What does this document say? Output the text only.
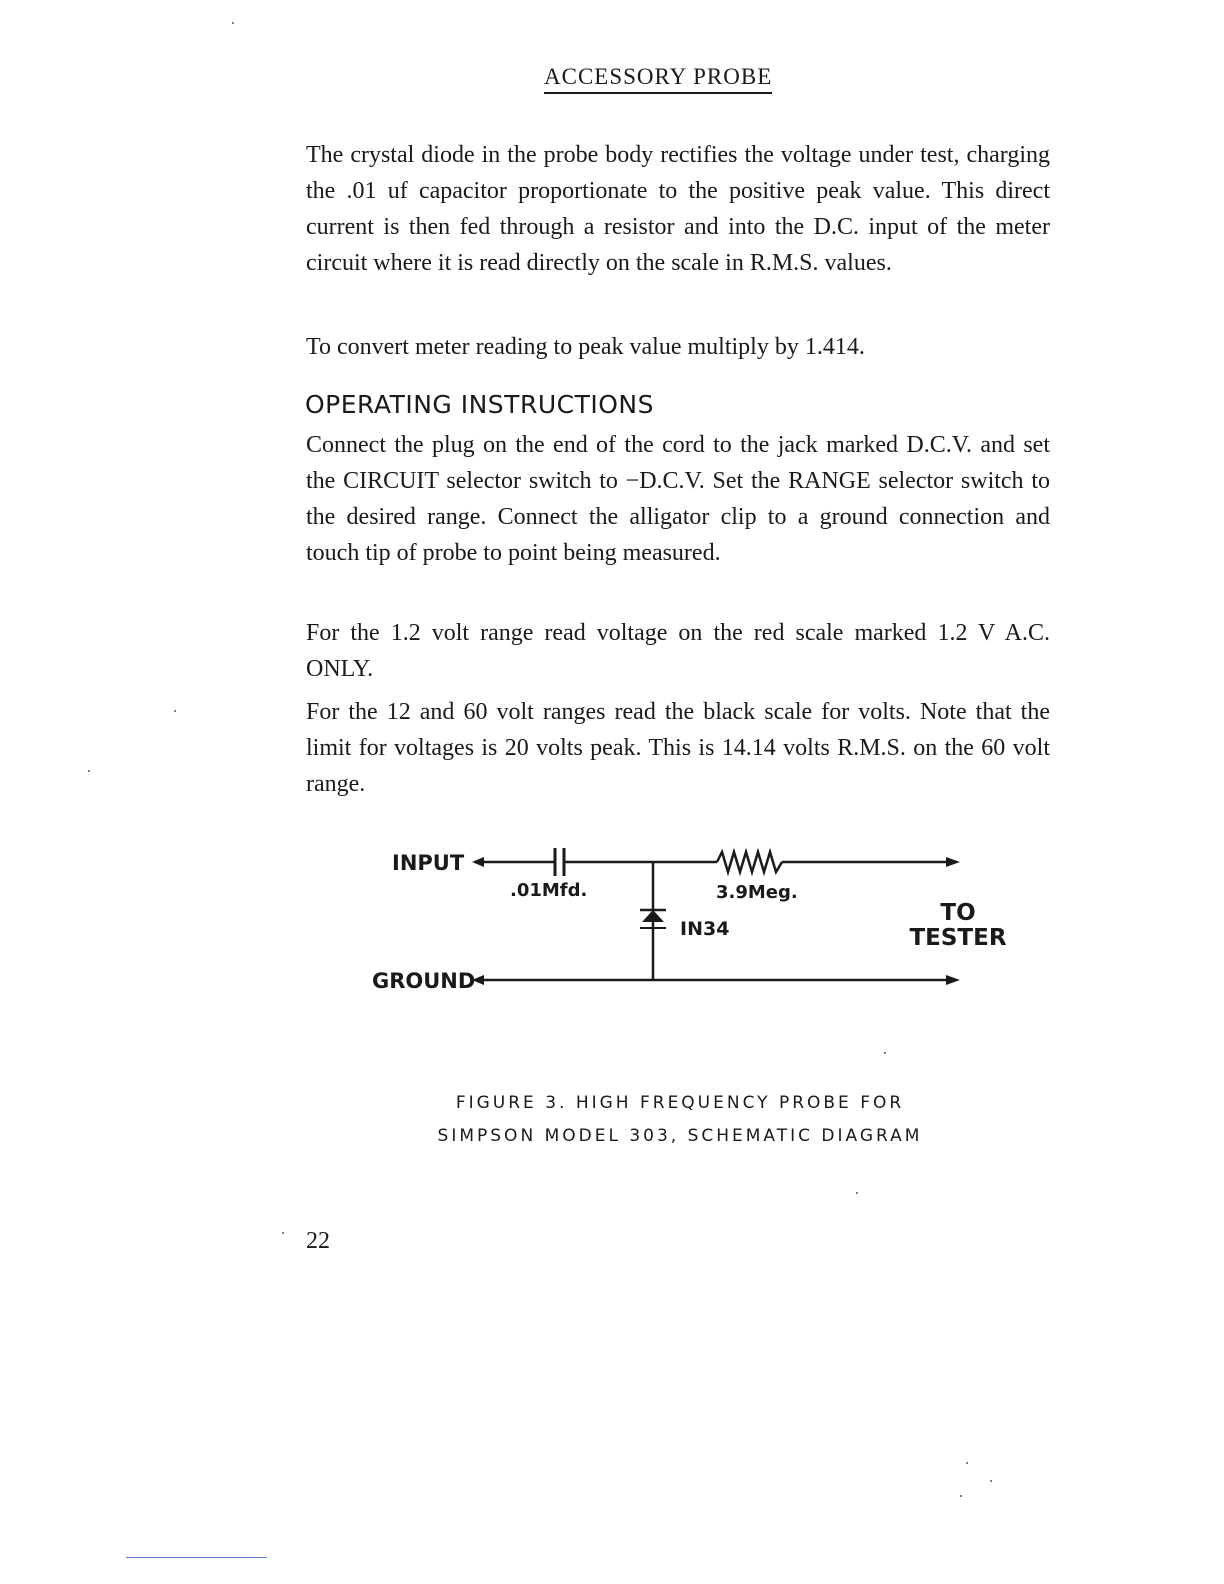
ACCESSORY PROBE

The crystal diode in the probe body rectifies the voltage under test, charging the .01 uf capacitor proportionate to the positive peak value. This direct current is then fed through a resistor and into the D.C. input of the meter circuit where it is read directly on the scale in R.M.S. values.

To convert meter reading to peak value multiply by 1.414.

OPERATING INSTRUCTIONS

Connect the plug on the end of the cord to the jack marked D.C.V. and set the CIRCUIT selector switch to −D.C.V. Set the RANGE selector switch to the desired range. Connect the alligator clip to a ground connection and touch tip of probe to point being measured.

For the 1.2 volt range read voltage on the red scale marked 1.2 V A.C. ONLY.

For the 12 and 60 volt ranges read the black scale for volts. Note that the limit for voltages is 20 volts peak. This is 14.14 volts R.M.S. on the 60 volt range.

INPUT
GROUND
.01Mfd.	3.9Meg.
IN34
TO
TESTER
FIGURE 3. HIGH FREQUENCY PROBE FOR
SIMPSON MODEL 303, SCHEMATIC DIAGRAM
22
